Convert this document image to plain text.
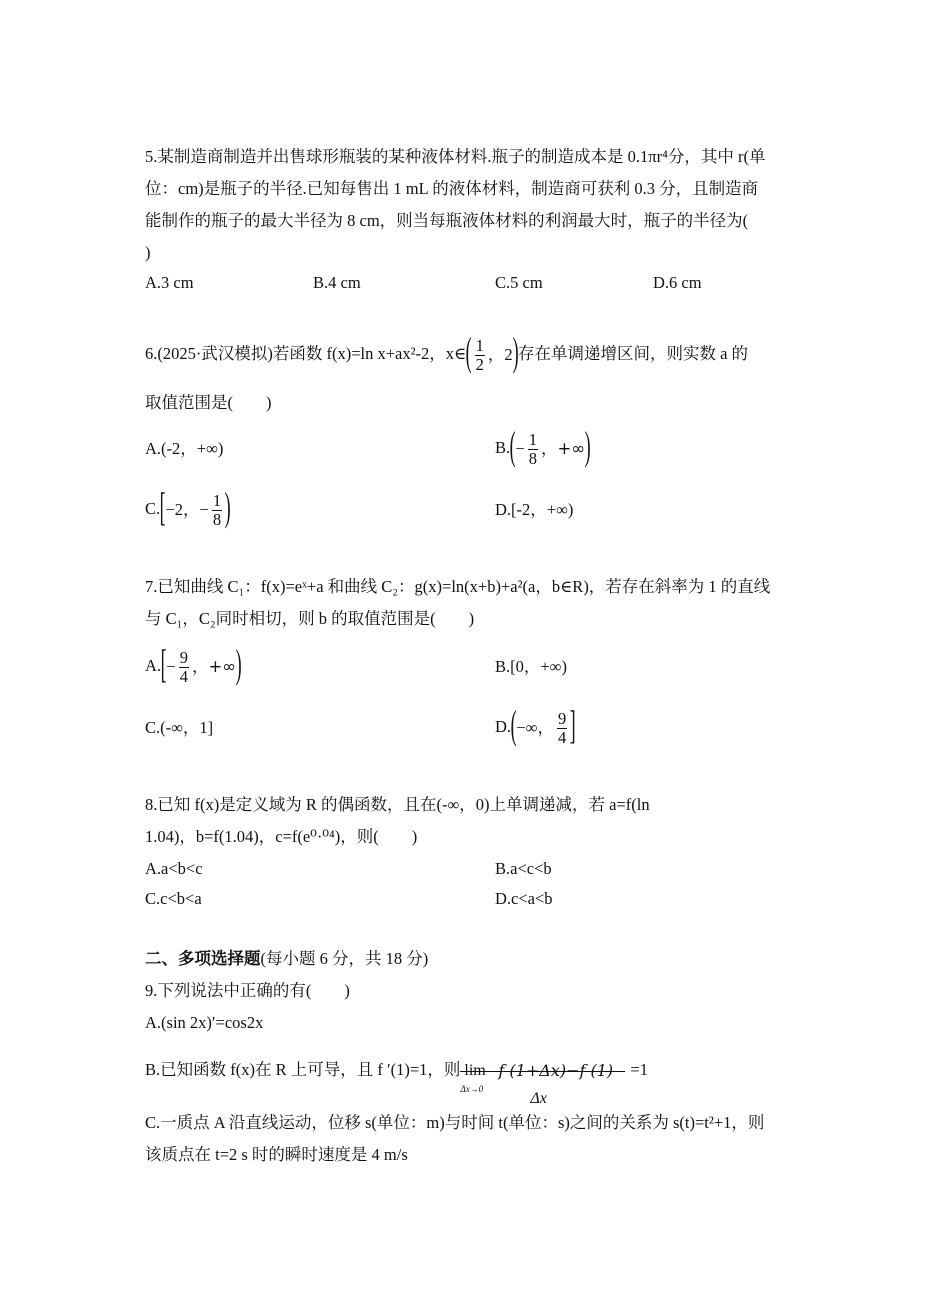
5.某制造商制造并出售球形瓶装的某种液体材料.瓶子的制造成本是 0.1πr⁴分，其中 r(单
位：cm)是瓶子的半径.已知每售出 1 mL 的液体材料，制造商可获利 0.3 分，且制造商
能制作的瓶子的最大半径为 8 cm，则当每瓶液体材料的利润最大时，瓶子的半径为(
)
A.3 cm	B.4 cm	C.5 cm	D.6 cm
6.(2025·武汉模拟)若函数 f(x)=ln x+ax²-2，x∈( $\frac{1}{2}$ ，2)存在单调递增区间，则实数 a 的
取值范围是(　　)
A.(-2，+∞)	$B.(- \frac{1}{8}$ ，+∞)
C.[−2，− $\frac{1}{8}$ )	D.[-2，+∞)
7.已知曲线 C₁：f(x)=eˣ+a 和曲线 C₂：g(x)=ln(x+b)+a²(a，b∈R)，若存在斜率为 1 的直线
与 C₁，C₂同时相切，则 b 的取值范围是(　　)
$A.[- \frac{9}{4}$ ，+∞)	B.[0，+∞)
C.(-∞，1]	D.(−∞， $\frac{9}{4}$ ]
8.已知 f(x)是定义域为 R 的偶函数，且在(-∞，0)上单调递减，若 a=f(ln
1.04)，b=f(1.04)，c=f(e⁰·⁰⁴)，则(　　)
A.a<b<c	B.a<c<b
C.c<b<a	D.c<a<b
二、多项选择题(每小题 6 分，共 18 分)
9.下列说法中正确的有(　　)
A.(sin 2x)′=cos2x
B.已知函数 f(x)在 R 上可导，且 f ′(1)=1，则 lim
Δx→0
f (1+Δx)−f (1)
Δx
=1
C.一质点 A 沿直线运动，位移 s(单位：m)与时间 t(单位：s)之间的关系为 s(t)=t²+1，则
该质点在 t=2 s 时的瞬时速度是 4 m/s
